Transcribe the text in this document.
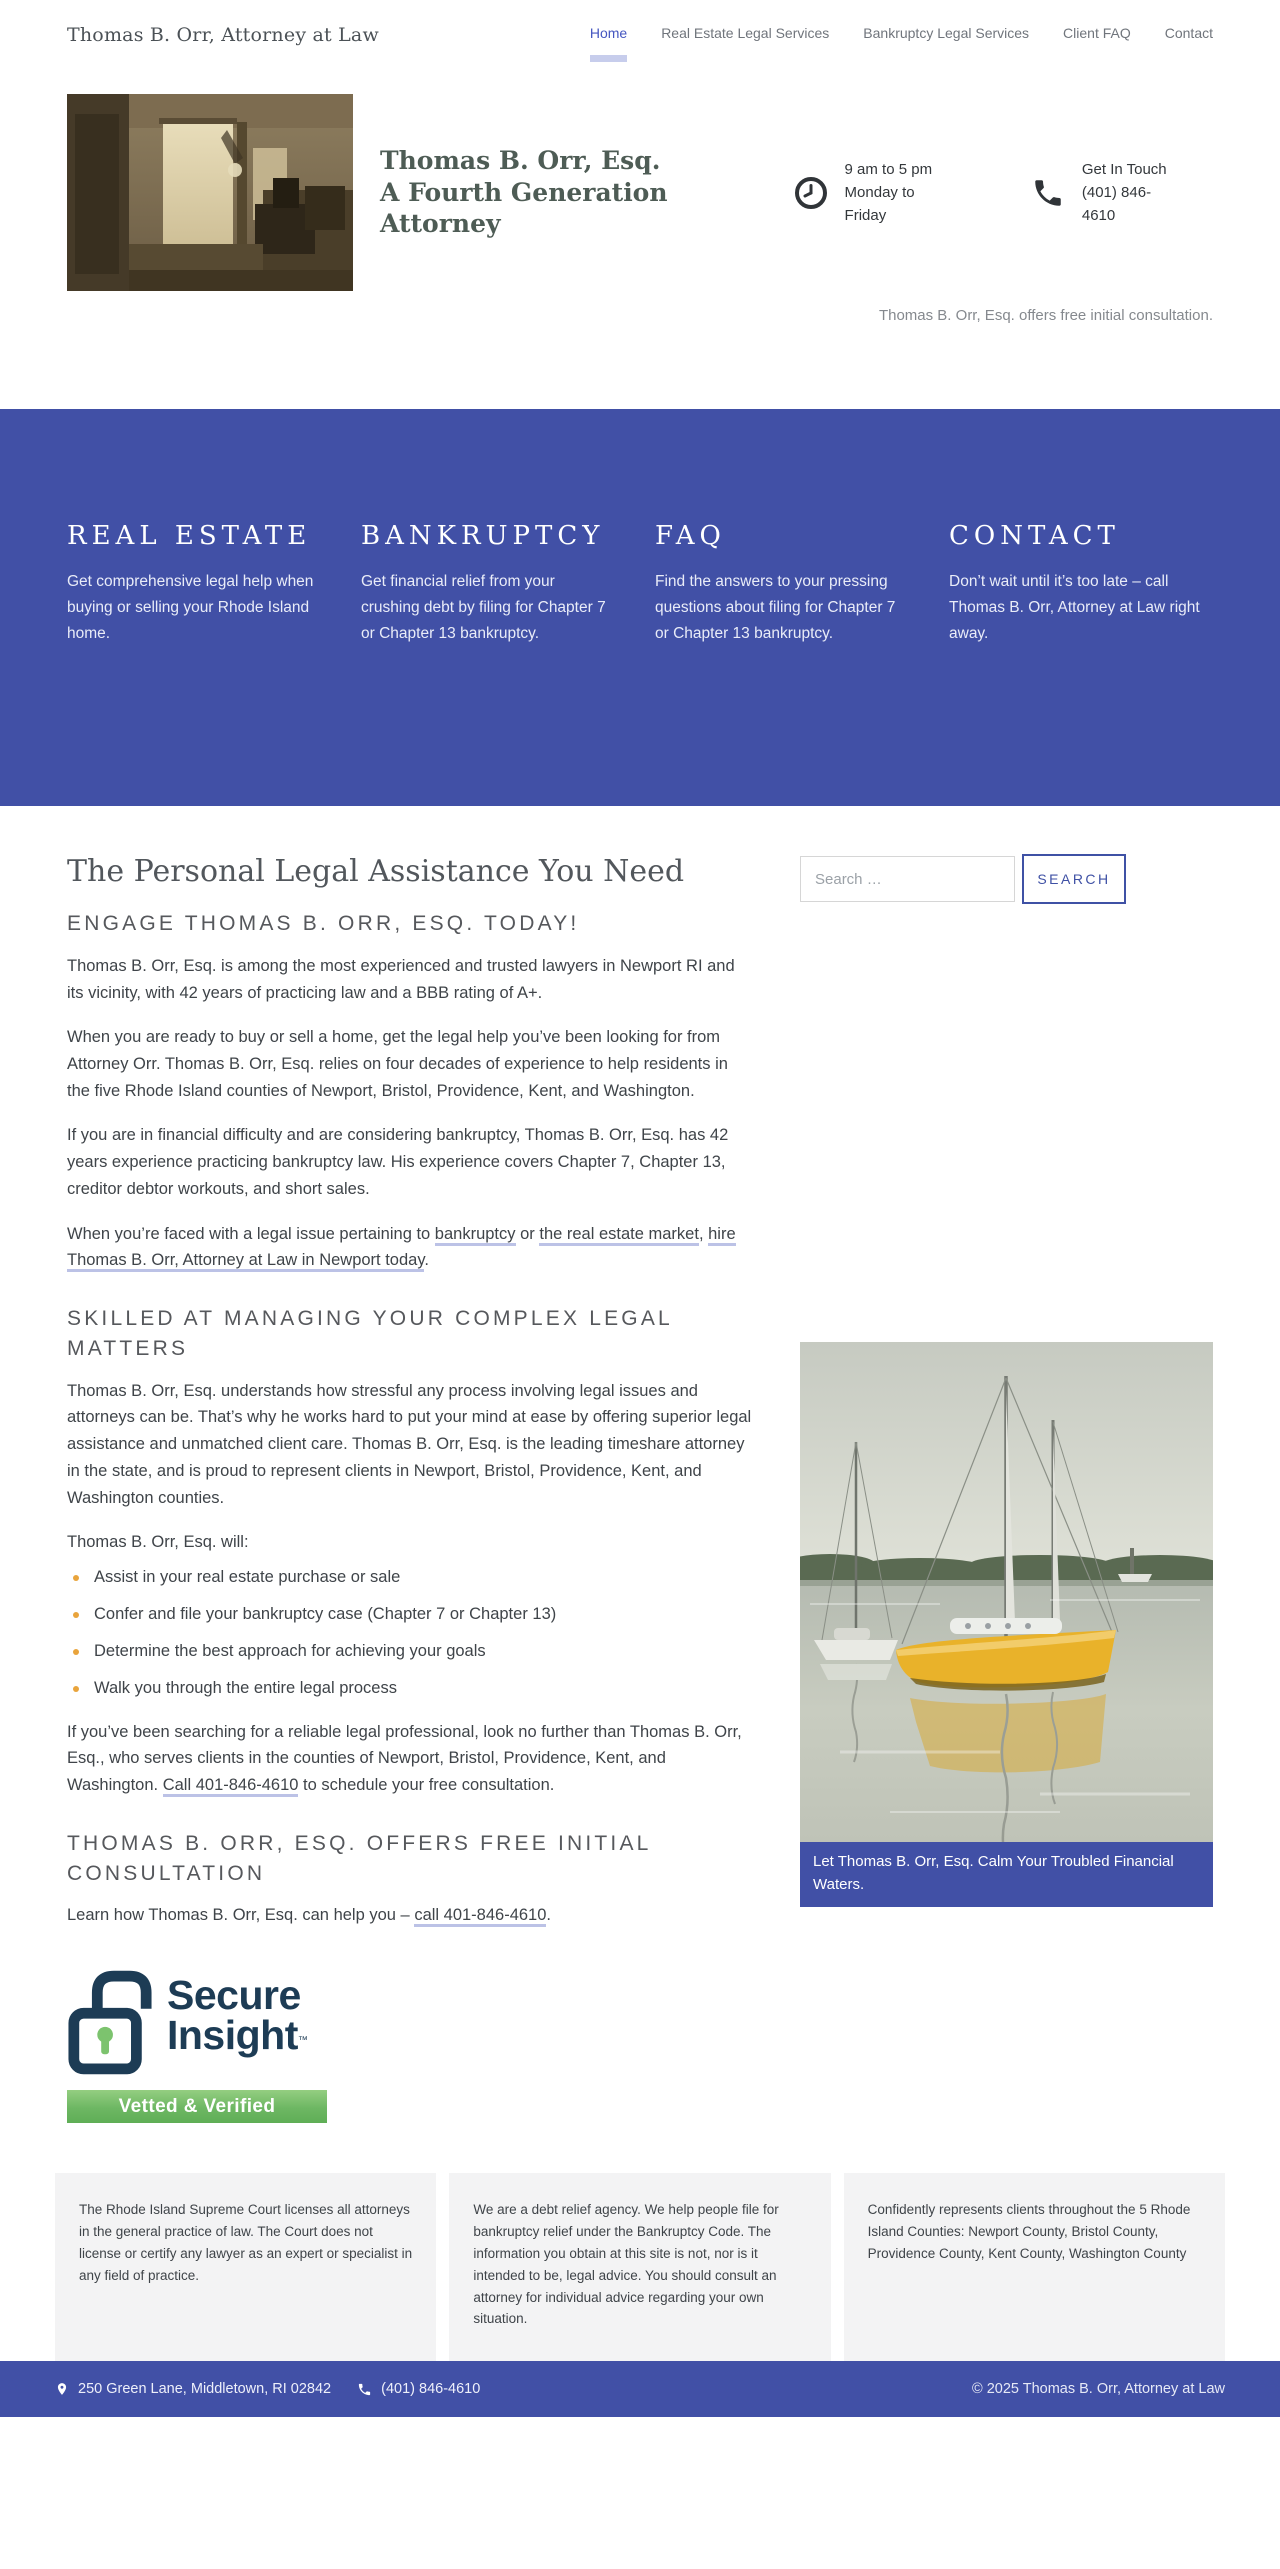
Thomas B. Orr, Attorney at Law	Home Real Estate Legal Services Bankruptcy Legal Services Client FAQ Contact
Thomas B. Orr, Esq.
A Fourth Generation Attorney
9 am to 5 pm
Monday to Friday
Get In Touch
(401) 846-4610

Thomas B. Orr, Esq. offers free initial consultation.

REAL ESTATE

Get comprehensive legal help when buying or selling your Rhode Island home.

BANKRUPTCY

Get financial relief from your crushing debt by filing for Chapter 7 or Chapter 13 bankruptcy.

FAQ

Find the answers to your pressing questions about filing for Chapter 7 or Chapter 13 bankruptcy.

CONTACT

Don’t wait until it’s too late – call Thomas B. Orr, Attorney at Law right away.

The Personal Legal Assistance You Need
ENGAGE THOMAS B. ORR, ESQ. TODAY!

Thomas B. Orr, Esq. is among the most experienced and trusted lawyers in Newport RI and its vicinity, with 42 years of practicing law and a BBB rating of A+.

When you are ready to buy or sell a home, get the legal help you’ve been looking for from Attorney Orr. Thomas B. Orr, Esq. relies on four decades of experience to help residents in the five Rhode Island counties of Newport, Bristol, Providence, Kent, and Washington.

If you are in financial difficulty and are considering bankruptcy, Thomas B. Orr, Esq. has 42 years experience practicing bankruptcy law. His experience covers Chapter 7, Chapter 13, creditor debtor workouts, and short sales.

When you’re faced with a legal issue pertaining to bankruptcy or the real estate market, hire Thomas B. Orr, Attorney at Law in Newport today.

SKILLED AT MANAGING YOUR COMPLEX LEGAL MATTERS

Thomas B. Orr, Esq. understands how stressful any process involving legal issues and attorneys can be. That’s why he works hard to put your mind at ease by offering superior legal assistance and unmatched client care. Thomas B. Orr, Esq. is the leading timeshare attorney in the state, and is proud to represent clients in Newport, Bristol, Providence, Kent, and Washington counties.

Thomas B. Orr, Esq. will:

Assist in your real estate purchase or sale
Confer and file your bankruptcy case (Chapter 7 or Chapter 13)
Determine the best approach for achieving your goals
Walk you through the entire legal process

If you’ve been searching for a reliable legal professional, look no further than Thomas B. Orr, Esq., who serves clients in the counties of Newport, Bristol, Providence, Kent, and Washington. Call 401-846-4610 to schedule your free consultation.

THOMAS B. ORR, ESQ. OFFERS FREE INITIAL CONSULTATION

Learn how Thomas B. Orr, Esq. can help you – call 401-846-4610.

Secure
Insight™
Vetted & Verified
Search …
SEARCH
Let Thomas B. Orr, Esq. Calm Your Troubled Financial Waters.
The Rhode Island Supreme Court licenses all attorneys in the general practice of law. The Court does not license or certify any lawyer as an expert or specialist in any field of practice.
We are a debt relief agency. We help people file for bankruptcy relief under the Bankruptcy Code. The information you obtain at this site is not, nor is it intended to be, legal advice. You should consult an attorney for individual advice regarding your own situation.
Confidently represents clients throughout the 5 Rhode Island Counties: Newport County, Bristol County, Providence County, Kent County, Washington County
250 Green Lane, Middletown, RI 02842	(401) 846-4610	© 2025 Thomas B. Orr, Attorney at Law
